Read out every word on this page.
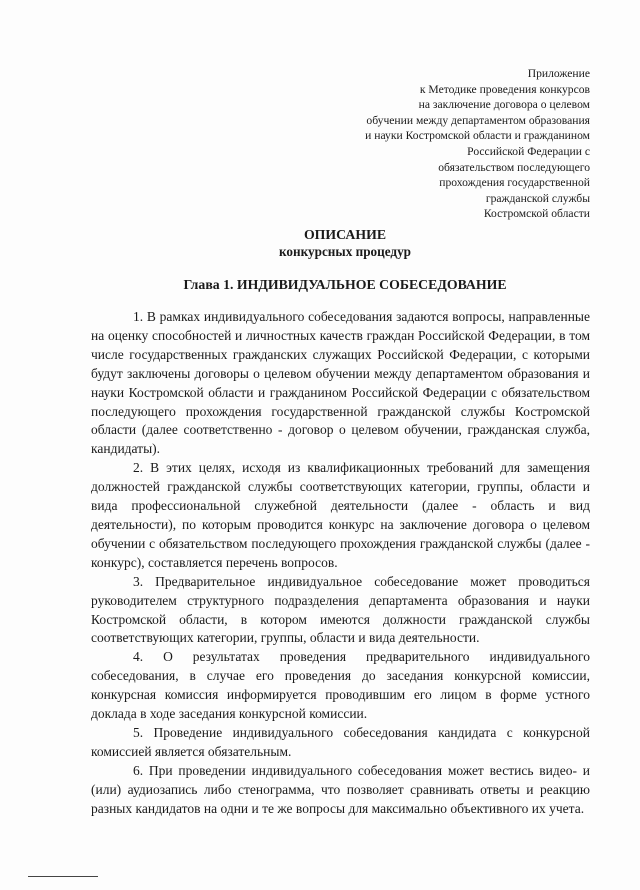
Приложение
к Методике проведения конкурсов
на заключение договора о целевом
обучении между департаментом образования
и науки Костромской области и гражданином
Российской Федерации с
обязательством последующего
прохождения государственной
гражданской службы
Костромской области
ОПИСАНИЕ
конкурсных процедур
Глава 1. ИНДИВИДУАЛЬНОЕ СОБЕСЕДОВАНИЕ

1. В рамках индивидуального собеседования задаются вопросы, направленные на оценку способностей и личностных качеств граждан Российской Федерации, в том числе государственных гражданских служащих Российской Федерации, с которыми будут заключены договоры о целевом обучении между департаментом образования и науки Костромской области и гражданином Российской Федерации с обязательством последующего прохождения государственной гражданской службы Костромской области (далее соответственно - договор о целевом обучении, гражданская служба, кандидаты).

2. В этих целях, исходя из квалификационных требований для замещения должностей гражданской службы соответствующих категории, группы, области и вида профессиональной служебной деятельности (далее - область и вид деятельности), по которым проводится конкурс на заключение договора о целевом обучении с обязательством последующего прохождения гражданской службы (далее - конкурс), составляется перечень вопросов.

3. Предварительное индивидуальное собеседование может проводиться руководителем структурного подразделения департамента образования и науки Костромской области, в котором имеются должности гражданской службы соответствующих категории, группы, области и вида деятельности.

4. О результатах проведения предварительного индивидуального собеседования, в случае его проведения до заседания конкурсной комиссии, конкурсная комиссия информируется проводившим его лицом в форме устного доклада в ходе заседания конкурсной комиссии.

5. Проведение индивидуального собеседования кандидата с конкурсной комиссией является обязательным.

6. При проведении индивидуального собеседования может вестись видео- и (или) аудиозапись либо стенограмма, что позволяет сравнивать ответы и реакцию разных кандидатов на одни и те же вопросы для максимально объективного их учета.
